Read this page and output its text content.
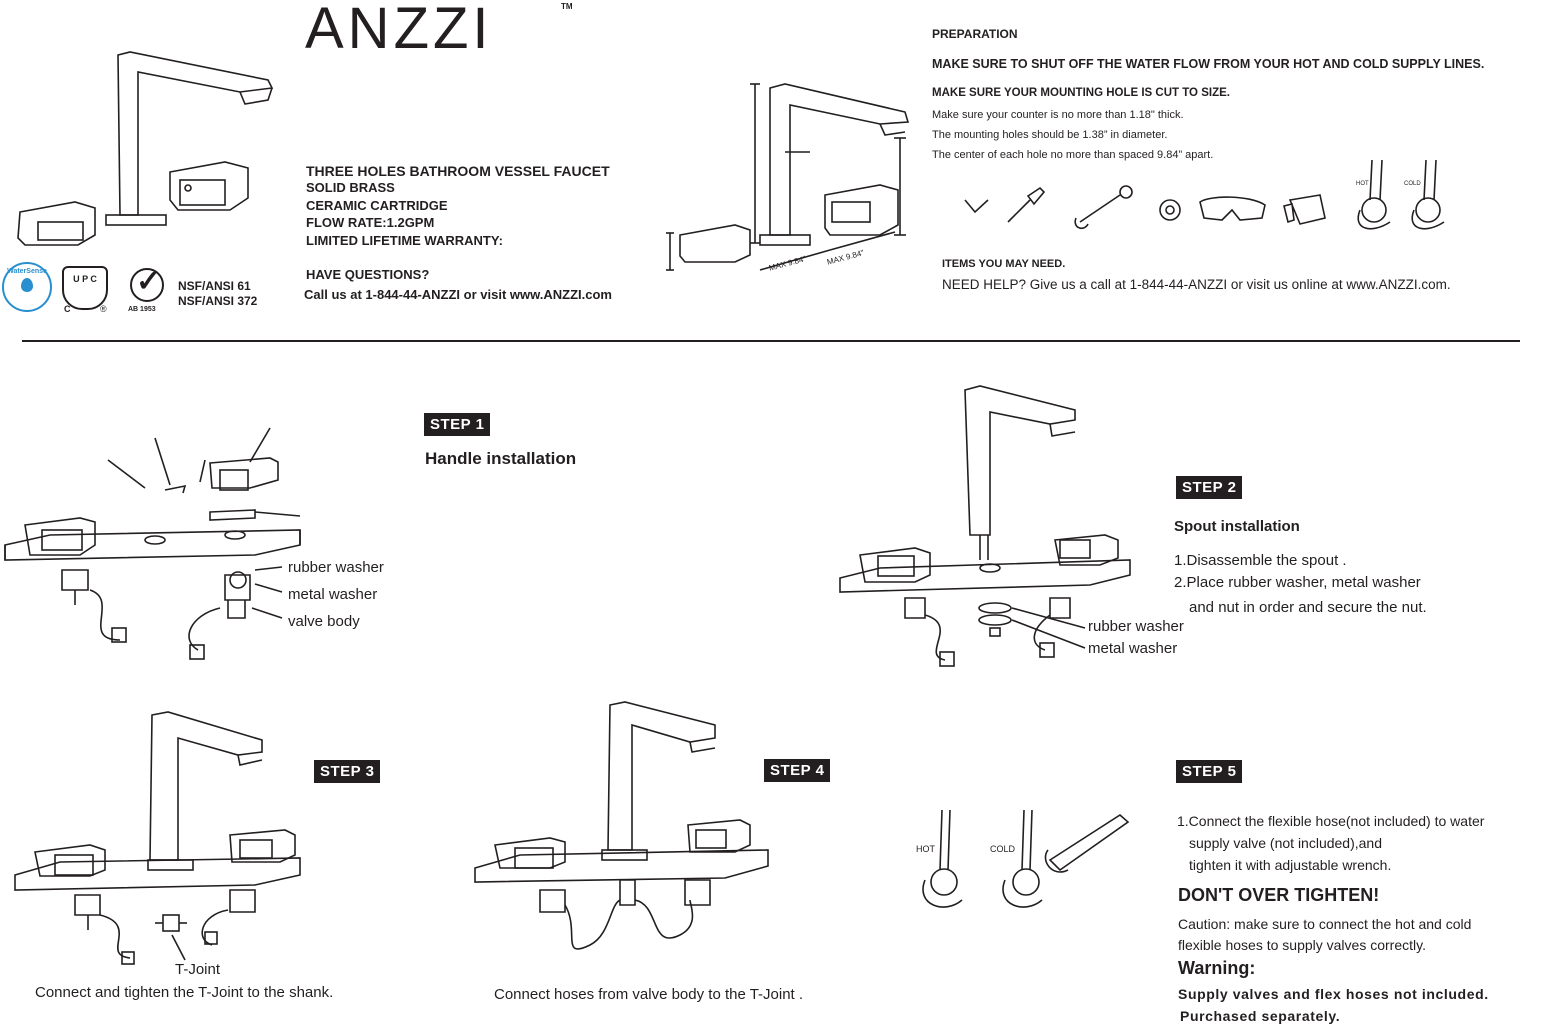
ANZZI	TM
THREE HOLES BATHROOM VESSEL FAUCET
SOLID BRASS
CERAMIC CARTRIDGE
FLOW RATE:1.2GPM
LIMITED LIFETIME WARRANTY:
HAVE QUESTIONS?
Call us at 1-844-44-ANZZI or visit www.ANZZI.com
WaterSense
U P C
C	®
✓
AB 1953
NSF/ANSI 61
NSF/ANSI 372
MAX 9.84" MAX 9.84"
PREPARATION
MAKE SURE TO SHUT OFF THE WATER FLOW FROM YOUR HOT AND COLD SUPPLY LINES.
MAKE SURE YOUR MOUNTING HOLE IS CUT TO SIZE.
Make sure your counter is no more than 1.18" thick.
The mounting holes should be 1.38” in diameter.
The center of each hole no more than spaced 9.84” apart.
HOT	COLD
ITEMS YOU MAY NEED.
NEED HELP? Give us a call at 1-844-44-ANZZI or visit us online at www.ANZZI.com.
STEP 1
Handle installation
rubber washer
metal washer
valve body
STEP 2
Spout installation
1.Disassemble the spout .
2.Place rubber washer, metal washer
and nut in order and secure the nut.
rubber washer
metal washer
STEP 3
T-Joint
Connect and tighten the T-Joint to the shank.
STEP 4
Connect hoses from valve body to the T-Joint .
STEP 5
HOT	COLD
1.Connect the flexible hose(not included) to water
supply valve (not included),and
tighten it with adjustable wrench.
DON'T OVER TIGHTEN!
Caution: make sure to connect the hot and cold
flexible hoses to supply valves correctly.
Warning:
Supply valves and flex hoses not included.
Purchased separately.
